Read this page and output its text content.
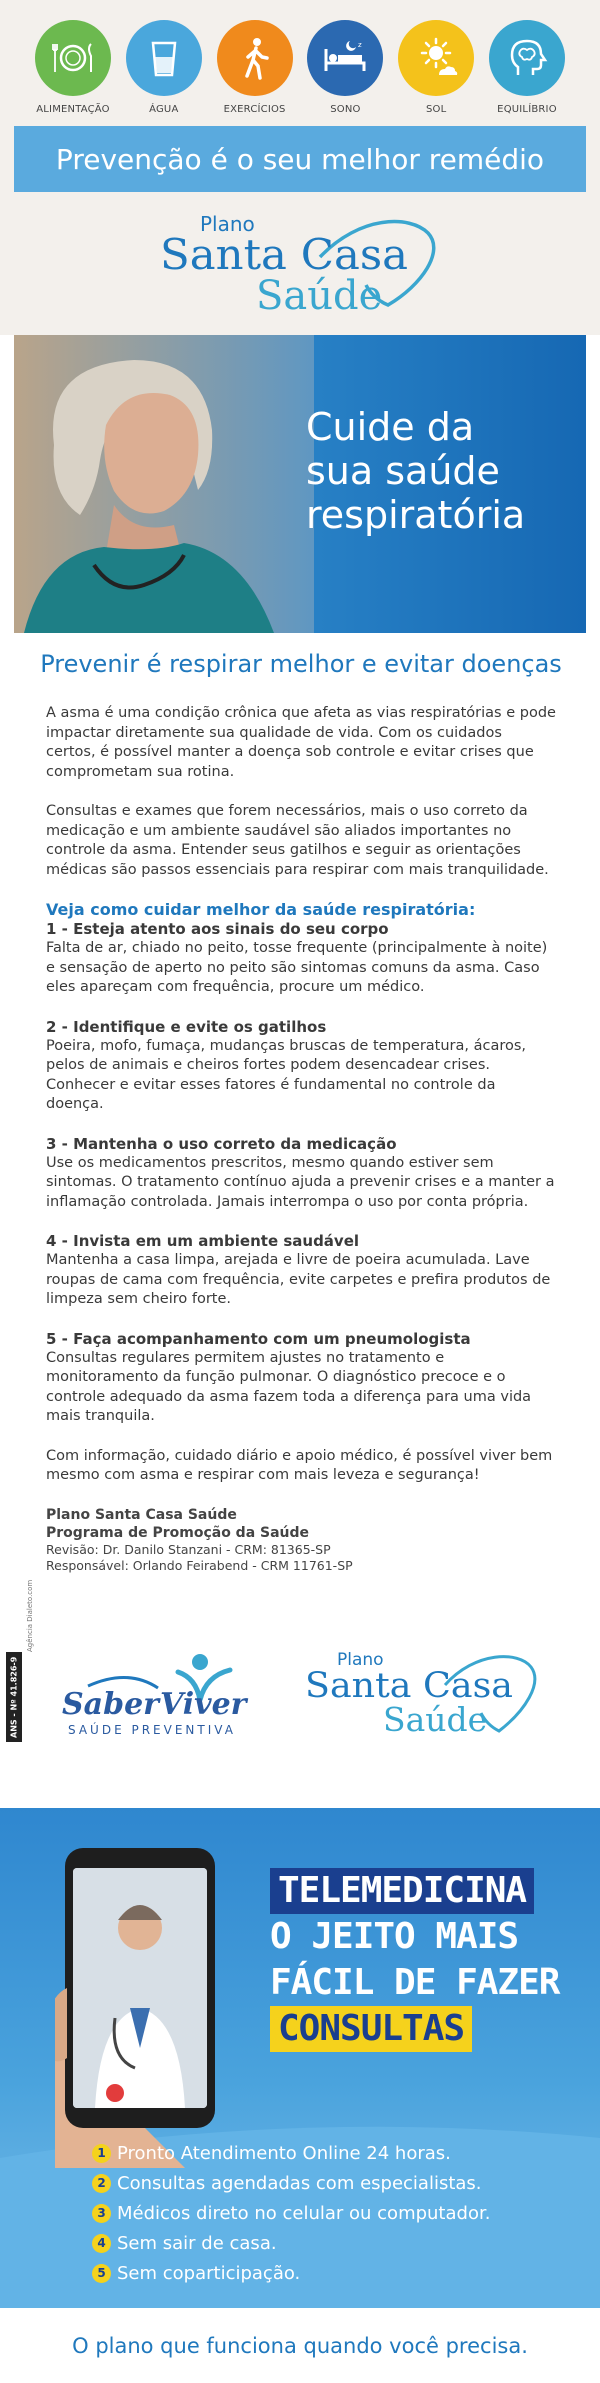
ALIMENTAÇÃO	ÁGUA	EXERCÍCIOS
z
SONO	SOL	EQUILÍBRIO
Prevenção é o seu melhor remédio
Plano
Santa Casa
Saúde
Cuide da
sua saúde
respiratória
Prevenir é respirar melhor e evitar doenças

A asma é uma condição crônica que afeta as vias respiratórias e pode impactar diretamente sua qualidade de vida. Com os cuidados certos, é possível manter a doença sob controle e evitar crises que comprometam sua rotina.

Consultas e exames que forem necessários, mais o uso correto da medicação e um ambiente saudável são aliados importantes no controle da asma. Entender seus gatilhos e seguir as orientações médicas são passos essenciais para respirar com mais tranquilidade.

Veja como cuidar melhor da saúde respiratória:
1 - Esteja atento aos sinais do seu corpo

Falta de ar, chiado no peito, tosse frequente (principalmente à noite) e sensação de aperto no peito são sintomas comuns da asma. Caso eles apareçam com frequência, procure um médico.

2 - Identifique e evite os gatilhos

Poeira, mofo, fumaça, mudanças bruscas de temperatura, ácaros, pelos de animais e cheiros fortes podem desencadear crises. Conhecer e evitar esses fatores é fundamental no controle da doença.

3 - Mantenha o uso correto da medicação

Use os medicamentos prescritos, mesmo quando estiver sem sintomas. O tratamento contínuo ajuda a prevenir crises e a manter a inflamação controlada. Jamais interrompa o uso por conta própria.

4 - Invista em um ambiente saudável

Mantenha a casa limpa, arejada e livre de poeira acumulada. Lave roupas de cama com frequência, evite carpetes e prefira produtos de limpeza sem cheiro forte.

5 - Faça acompanhamento com um pneumologista

Consultas regulares permitem ajustes no tratamento e monitoramento da função pulmonar. O diagnóstico precoce e o controle adequado da asma fazem toda a diferença para uma vida mais tranquila.

Com informação, cuidado diário e apoio médico, é possível viver bem mesmo com asma e respirar com mais leveza e segurança!

Plano Santa Casa Saúde
Programa de Promoção da Saúde
Revisão: Dr. Danilo Stanzani - CRM: 81365-SP
Responsável: Orlando Feirabend - CRM 11761-SP
Agência Dialeto.com
ANS - Nº 41.826-9 Saber Viver
SAÚDE PREVENTIVA
Plano
Santa Casa
Saúde
TELEMEDICINA
O JEITO MAIS
FÁCIL DE FAZER
CONSULTAS
1 Pronto Atendimento Online 24 horas.
2 Consultas agendadas com especialistas.
3 Médicos direto no celular ou computador.
4 Sem sair de casa.
5 Sem coparticipação.

O plano que funciona quando você precisa.
